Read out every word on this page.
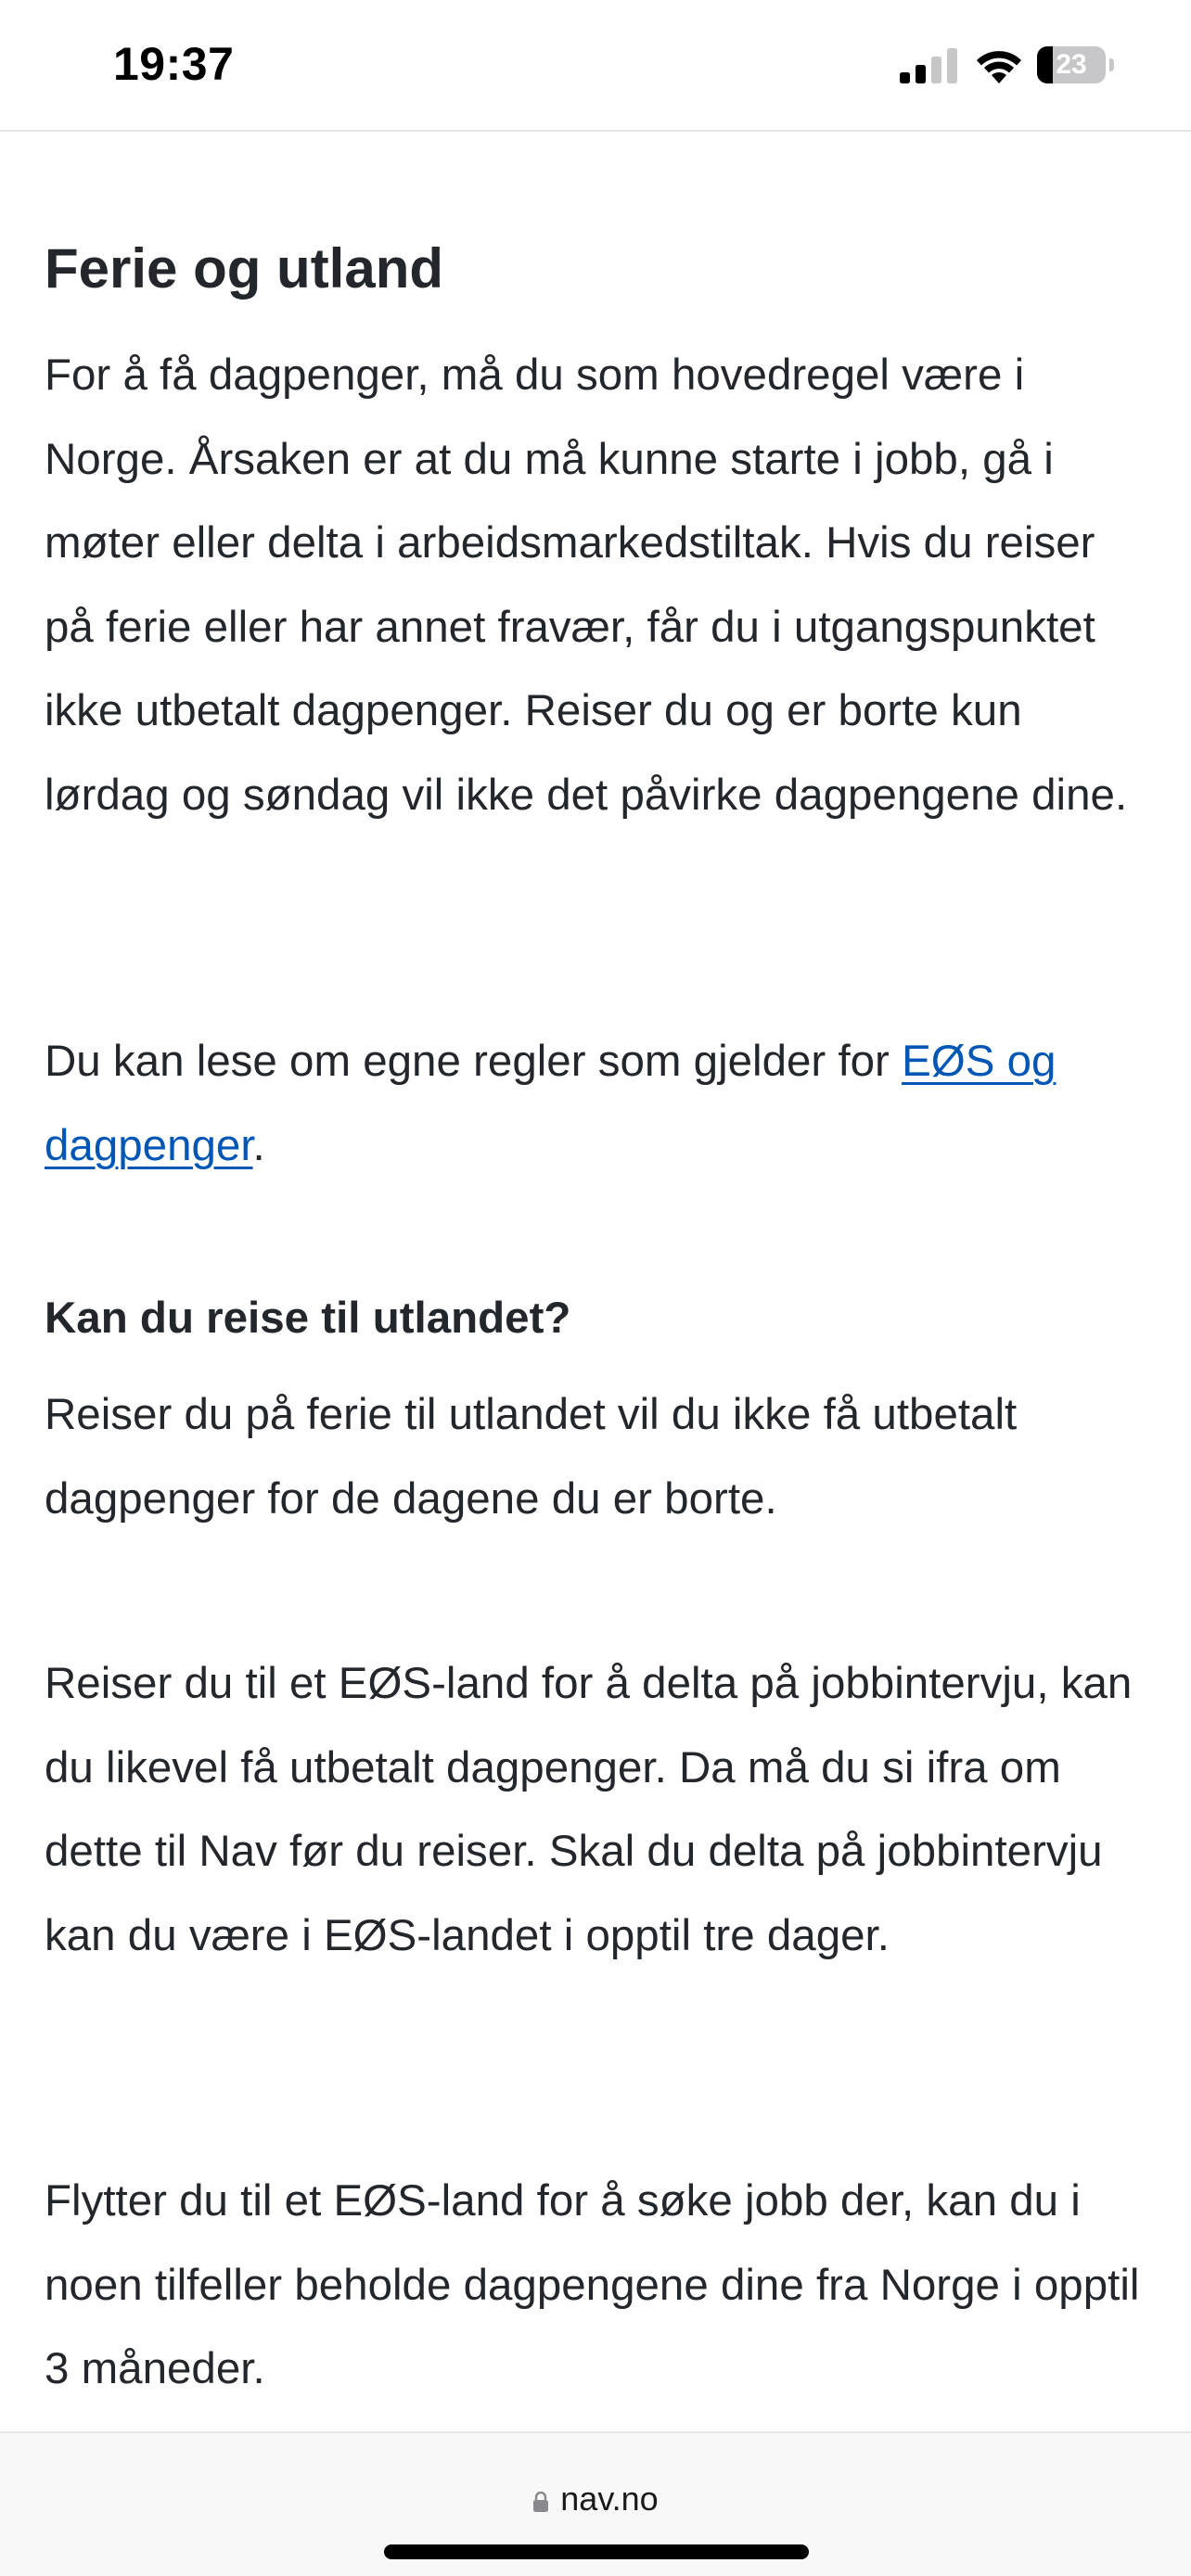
19:37	23
Ferie og utland

For å få dagpenger, må du som hovedregel være i Norge. Årsaken er at du må kunne starte i jobb, gå i møter eller delta i arbeidsmarkedstiltak. Hvis du reiser på ferie eller har annet fravær, får du i utgangspunktet ikke utbetalt dagpenger. Reiser du og er borte kun lørdag og søndag vil ikke det påvirke dagpengene dine.

Du kan lese om egne regler som gjelder for EØS og dagpenger.

Kan du reise til utlandet?

Reiser du på ferie til utlandet vil du ikke få utbetalt dagpenger for de dagene du er borte.

Reiser du til et EØS-land for å delta på jobbintervju, kan du likevel få utbetalt dagpenger. Da må du si ifra om dette til Nav før du reiser. Skal du delta på jobbintervju kan du være i EØS-landet i opptil tre dager.

Flytter du til et EØS-land for å søke jobb der, kan du i noen tilfeller beholde dagpengene dine fra Norge i opptil 3 måneder.

nav.no
